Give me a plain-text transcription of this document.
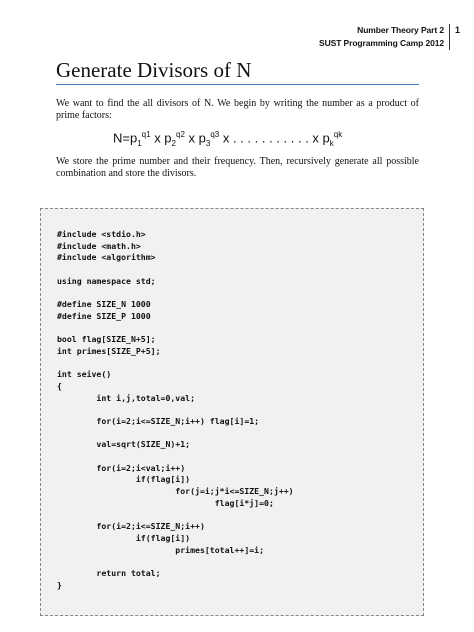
Number Theory Part 2
SUST Programming Camp 2012
1
Generate Divisors of N

We want to find the all divisors of N. We begin by writing the number as a product of prime factors:

$N=p_1^{q1}$ x $p_2^{q2}$ x $p_3^{q3}$ x . . . . . . . . . . . x $p_k^{qk}$

We store the prime number and their frequency. Then, recursively generate all possible combination and store the divisors.

#include <stdio.h>
#include <math.h>
#include <algorithm>
using namespace std;
#define SIZE_N 1000
#define SIZE_P 1000
bool flag[SIZE_N+5];
int primes[SIZE_P+5];
int seive()
{
int i,j,total=0,val;
for(i=2;i<=SIZE_N;i++) flag[i]=1;
val=sqrt(SIZE_N)+1;
for(i=2;i<val;i++)
if(flag[i])
for(j=i;j*i<=SIZE_N;j++)
flag[i*j]=0;
for(i=2;i<=SIZE_N;i++)
if(flag[i])
primes[total++]=i;
return total;
}
